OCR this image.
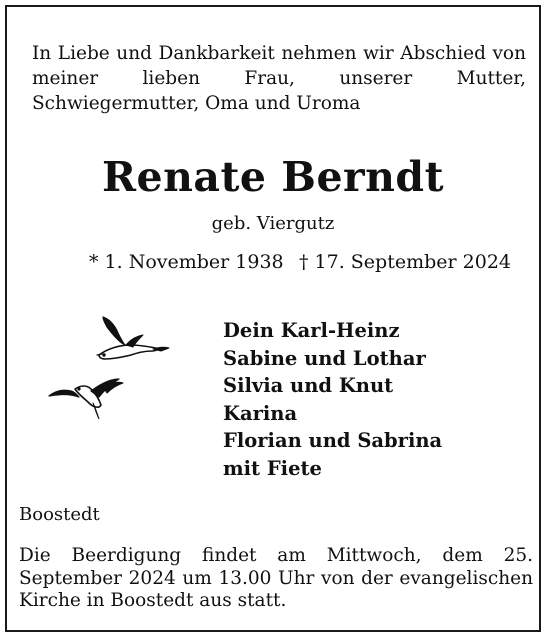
In Liebe und Dankbarkeit nehmen wir Abschied von meiner lieben Frau, unserer Mutter, Schwiegermutter, Oma und Uroma
Renate Berndt
geb. Viergutz
* 1. November 1938 † 17. September 2024
Dein Karl-Heinz
Sabine und Lothar
Silvia und Knut
Karina
Florian und Sabrina
mit Fiete
Boostedt
Die Beerdigung findet am Mittwoch, dem 25. September 2024 um 13.00 Uhr von der evangelischen Kirche in Boostedt aus statt.
